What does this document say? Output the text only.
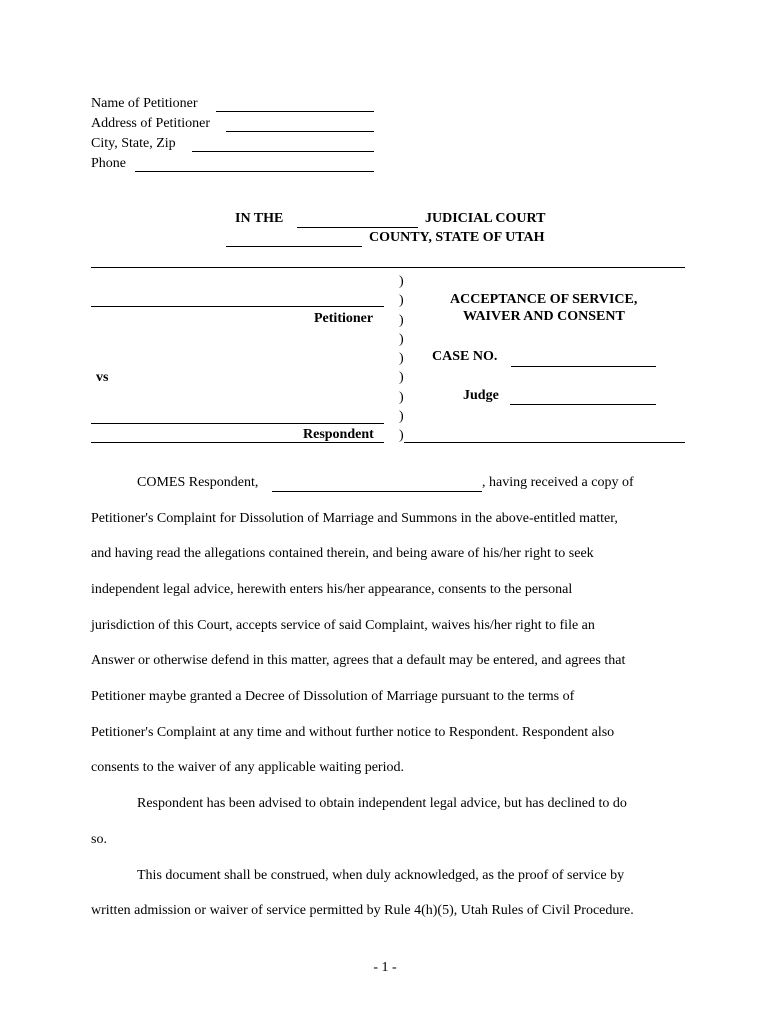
Name of Petitioner
Address of Petitioner
City, State, Zip
Phone
IN THE	JUDICIAL COURT
COUNTY, STATE OF UTAH
Petitioner
vs
Respondent
)
)
)
)
)
)
)
)
)
ACCEPTANCE OF SERVICE,
WAIVER AND CONSENT
CASE NO.
Judge
COMES Respondent,	, having received a copy of
Petitioner's Complaint for Dissolution of Marriage and Summons in the above-entitled matter,
and having read the allegations contained therein, and being aware of his/her right to seek
independent legal advice, herewith enters his/her appearance, consents to the personal
jurisdiction of this Court, accepts service of said Complaint, waives his/her right to file an
Answer or otherwise defend in this matter, agrees that a default may be entered, and agrees that
Petitioner maybe granted a Decree of Dissolution of Marriage pursuant to the terms of
Petitioner's Complaint at any time and without further notice to Respondent. Respondent also
consents to the waiver of any applicable waiting period.
Respondent has been advised to obtain independent legal advice, but has declined to do
so.
This document shall be construed, when duly acknowledged, as the proof of service by
written admission or waiver of service permitted by Rule 4(h)(5), Utah Rules of Civil Procedure.
- 1 -
